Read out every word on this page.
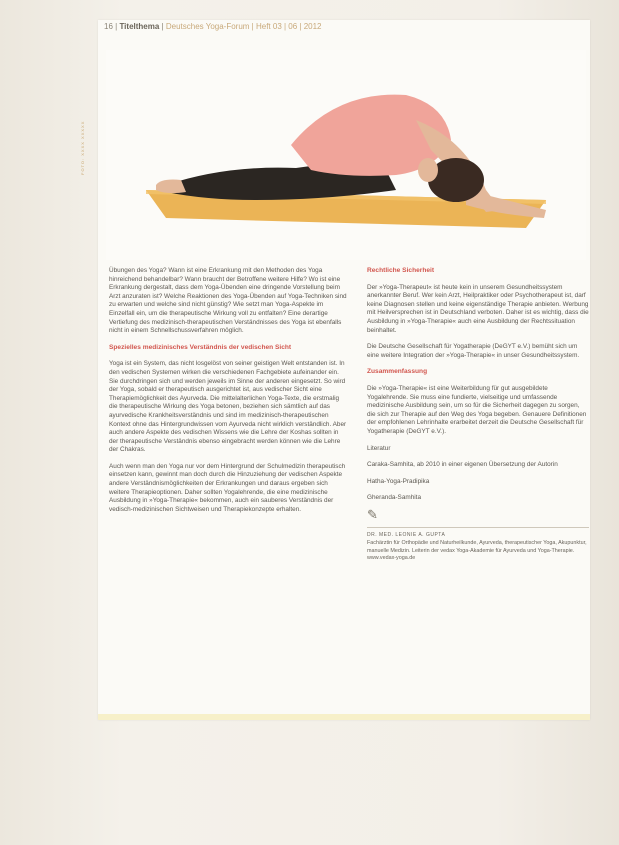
16 | Titelthema | Deutsches Yoga-Forum | Heft 03 | 06 | 2012
FOTO: XXXX XXXXX

Übungen des Yoga? Wann ist eine Erkrankung mit den Methoden des Yoga hinreichend behandelbar? Wann braucht der Betroffene weitere Hilfe? Wo ist eine Erkrankung dergestalt, dass dem Yoga-Übenden eine dringende Vorstellung beim Arzt anzuraten ist? Welche Reaktionen des Yoga-Übenden auf Yoga-Techniken sind zu erwarten und welche sind nicht günstig? Wie setzt man Yoga-Aspekte im Einzelfall ein, um die therapeutische Wirkung voll zu entfalten? Eine derartige Vertiefung des medizinisch-therapeutischen Verständnisses des Yoga ist ebenfalls nicht in einem Schnellschussverfahren möglich.

Spezielles medizinisches Verständnis der vedischen Sicht

Yoga ist ein System, das nicht losgelöst von seiner geistigen Welt entstanden ist. In den vedischen Systemen wirken die verschiedenen Fachgebiete aufeinander ein. Sie durchdringen sich und werden jeweils im Sinne der anderen eingesetzt. So wird der Yoga, sobald er therapeutisch ausgerichtet ist, aus vedischer Sicht eine Therapiemöglichkeit des Ayurveda. Die mittelalterlichen Yoga-Texte, die erstmalig die therapeutische Wirkung des Yoga betonen, beziehen sich sämtlich auf das ayurvedische Krankheitsverständnis und sind im medizinisch-therapeutischen Kontext ohne das Hintergrundwissen vom Ayurveda nicht wirklich verständlich. Aber auch andere Aspekte des vedischen Wissens wie die Lehre der Koshas sollten in der therapeutische Verständnis ebenso eingebracht werden können wie die Lehre der Chakras.

Auch wenn man den Yoga nur vor dem Hintergrund der Schulmedizin therapeutisch einsetzen kann, gewinnt man doch durch die Hinzuziehung der vedischen Aspekte andere Verständnismöglichkeiten der Erkrankungen und daraus ergeben sich weitere Therapieoptionen. Daher sollten Yogalehrende, die eine medizinische Ausbildung in »Yoga-Therapie« bekommen, auch ein sauberes Verständnis der vedisch-medizinischen Sichtweisen und Therapiekonzepte erhalten.

Rechtliche Sicherheit

Der »Yoga-Therapeut« ist heute kein in unserem Gesundheitssystem anerkannter Beruf. Wer kein Arzt, Heilpraktiker oder Psychotherapeut ist, darf keine Diagnosen stellen und keine eigenständige Therapie anbieten. Werbung mit Heilversprechen ist in Deutschland verboten. Daher ist es wichtig, dass die Ausbildung in »Yoga-Therapie« auch eine Ausbildung der Rechtssituation beinhaltet.

Die Deutsche Gesellschaft für Yogatherapie (DeGYT e.V.) bemüht sich um eine weitere Integration der »Yoga-Therapie« in unser Gesundheitssystem.

Zusammenfassung

Die »Yoga-Therapie« ist eine Weiterbildung für gut ausgebildete Yogalehrende. Sie muss eine fundierte, vielseitige und umfassende medizinische Ausbildung sein, um so für die Sicherheit dagegen zu sorgen, die sich zur Therapie auf den Weg des Yoga begeben. Genauere Definitionen der empfohlenen Lehrinhalte erarbeitet derzeit die Deutsche Gesellschaft für Yogatherapie (DeGYT e.V.).

Literatur

Caraka-Samhita, ab 2010 in einer eigenen Übersetzung der Autorin

Hatha-Yoga-Pradipika

Gheranda-Samhita

✎
DR. MED. LEONIE A. GUPTA
Fachärztin für Orthopädie und Naturheilkunde, Ayurveda, therapeutischer Yoga, Akupunktur, manuelle Medizin. Leiterin der vedax Yoga-Akademie für Ayurveda und Yoga-Therapie. www.vedax-yoga.de
